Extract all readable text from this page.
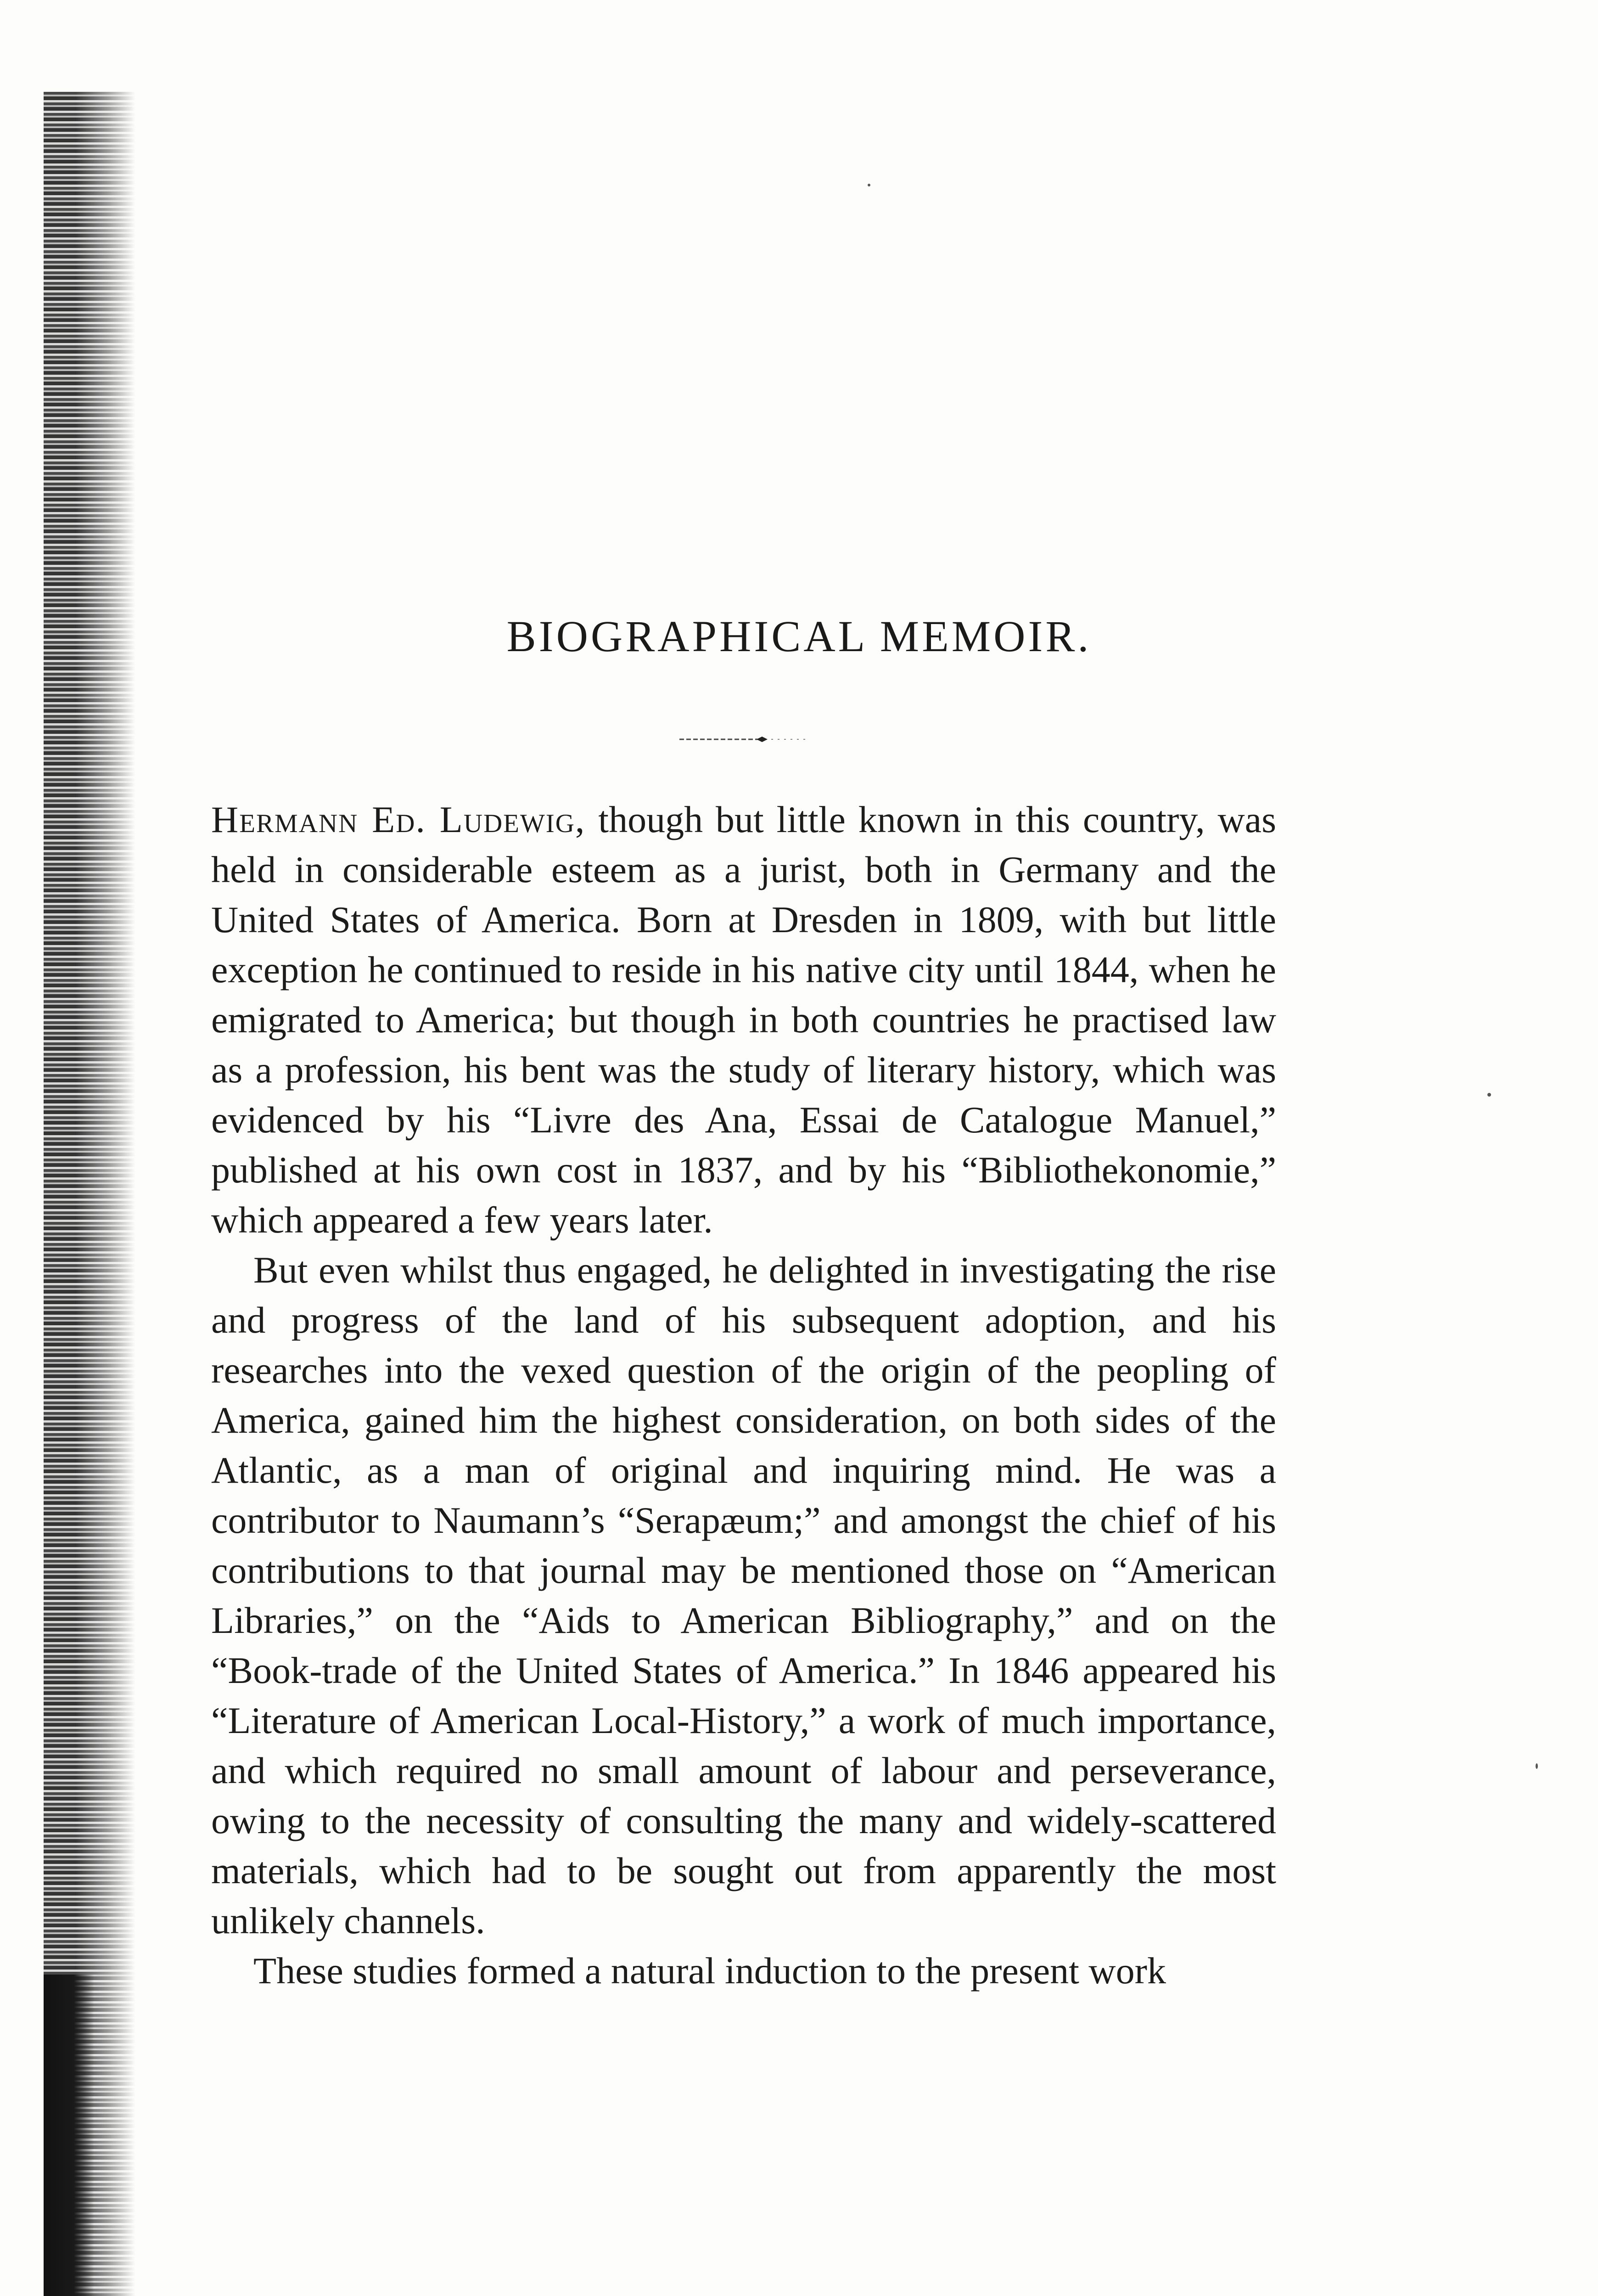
BIOGRAPHICAL MEMOIR.

Hermann Ed. Ludewig, though but little known in this country, was held in considerable esteem as a jurist, both in Germany and the United States of America. Born at Dresden in 1809, with but little exception he continued to reside in his native city until 1844, when he emigrated to America; but though in both countries he practised law as a profession, his bent was the study of literary history, which was evidenced by his “Livre des Ana, Essai de Catalogue Manuel,” published at his own cost in 1837, and by his “Bibliothekonomie,” which appeared a few years later.

But even whilst thus engaged, he delighted in investigating the rise and progress of the land of his subsequent adoption, and his researches into the vexed question of the origin of the peopling of America, gained him the highest consideration, on both sides of the Atlantic, as a man of original and inquiring mind. He was a contributor to Naumann’s “Serapæum;” and amongst the chief of his contributions to that journal may be mentioned those on “American Libraries,” on the “Aids to American Bibliography,” and on the “Book-trade of the United States of America.” In 1846 appeared his “Literature of American Local-History,” a work of much importance, and which required no small amount of labour and perseverance, owing to the necessity of consulting the many and widely-scattered materials, which had to be sought out from apparently the most unlikely channels.

These studies formed a natural induction to the present work
